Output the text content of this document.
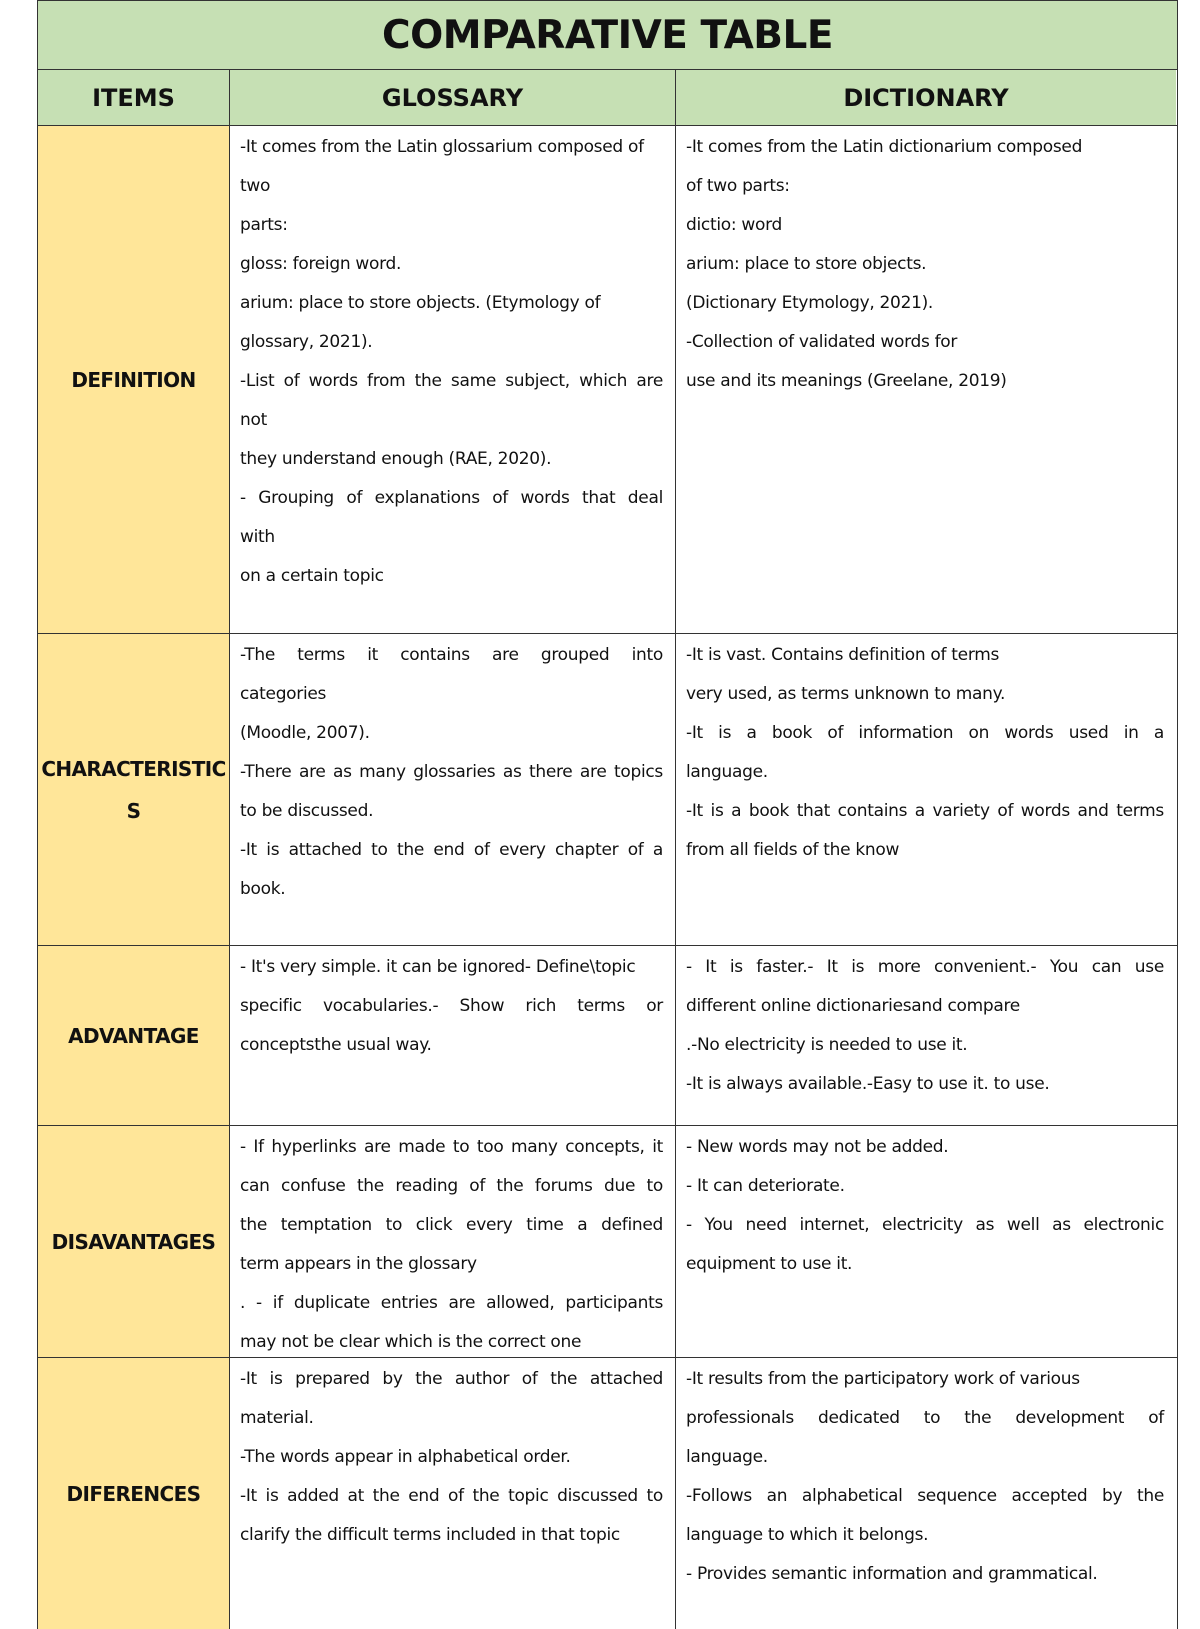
COMPARATIVE TABLE
ITEMS	GLOSSARY	DICTIONARY
DEFINITION

-It comes from the Latin glossarium composed of

two

parts:

gloss: foreign word.

arium: place to store objects. (Etymology of

glossary, 2021).

-List of words from the same subject, which are

not

they understand enough (RAE, 2020).

- Grouping of explanations of words that deal

with

on a certain topic

-It comes from the Latin dictionarium composed

of two parts:

dictio: word

arium: place to store objects.

(Dictionary Etymology, 2021).

-Collection of validated words for

use and its meanings (Greelane, 2019)

CHARACTERISTIC S

-The terms it contains are grouped into

categories

(Moodle, 2007).

-There are as many glossaries as there are topics

to be discussed.

-It is attached to the end of every chapter of a

book.

-It is vast. Contains definition of terms

very used, as terms unknown to many.

-It is a book of information on words used in a

language.

-It is a book that contains a variety of words and terms

from all fields of the know

ADVANTAGE

- It's very simple. it can be ignored- Define\topic

specific vocabularies.- Show rich terms or

conceptsthe usual way.

- It is faster.- It is more convenient.- You can use

different online dictionariesand compare

.-No electricity is needed to use it.

-It is always available.-Easy to use it. to use.

DISAVANTAGES

- If hyperlinks are made to too many concepts, it

can confuse the reading of the forums due to

the temptation to click every time a defined

term appears in the glossary

. - if duplicate entries are allowed, participants

may not be clear which is the correct one

- New words may not be added.

- It can deteriorate.

- You need internet, electricity as well as electronic

equipment to use it.

DIFERENCES

-It is prepared by the author of the attached

material.

-The words appear in alphabetical order.

-It is added at the end of the topic discussed to

clarify the difficult terms included in that topic

-It results from the participatory work of various

professionals dedicated to the development of

language.

-Follows an alphabetical sequence accepted by the

language to which it belongs.

- Provides semantic information and grammatical.
